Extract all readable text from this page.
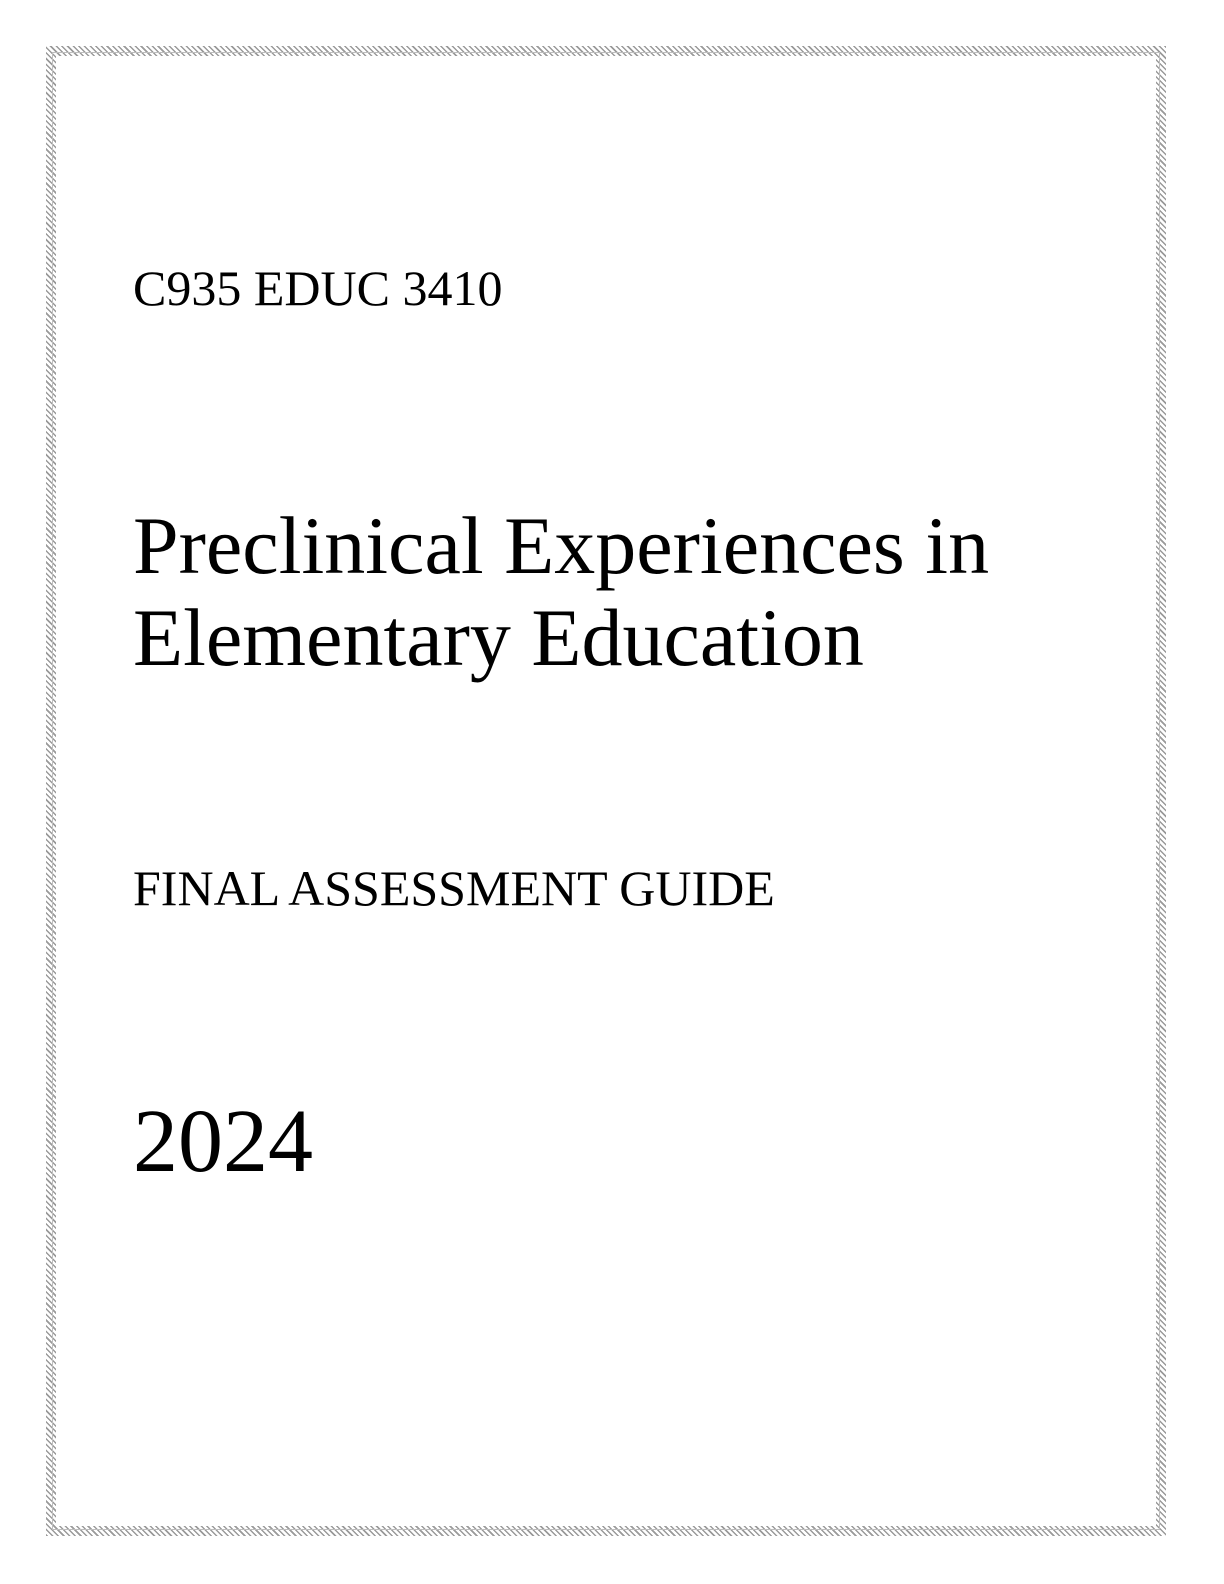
C935 EDUC 3410
Preclinical Experiences in
Elementary Education
FINAL ASSESSMENT GUIDE
2024
